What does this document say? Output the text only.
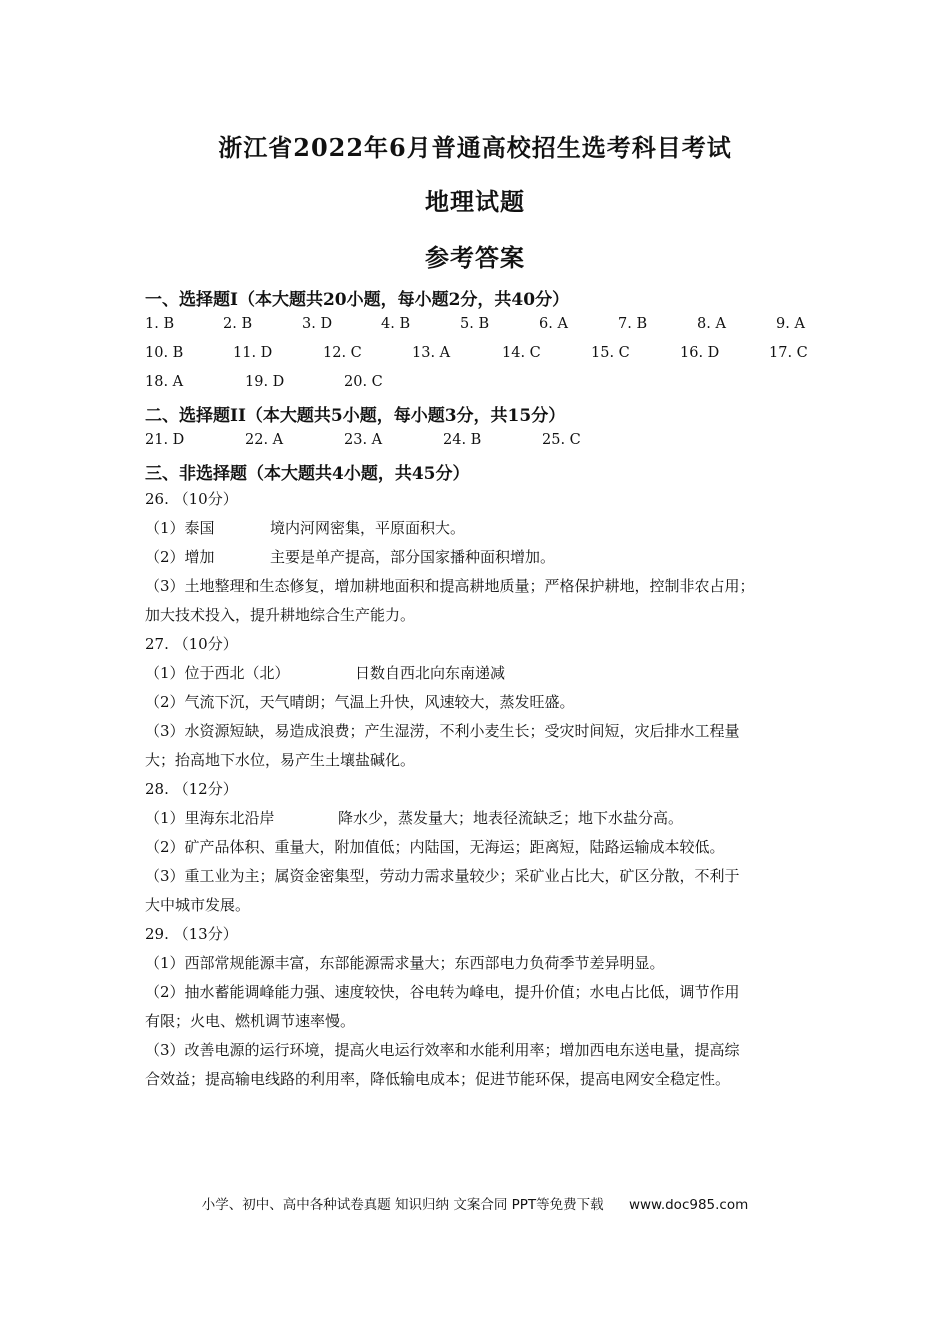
浙江省2022年6月普通高校招生选考科目考试
地理试题
参考答案
一、选择题Ⅰ（本大题共20小题，每小题2分，共40分）
1. B	2. B	3. D	4. B	5. B	6. A	7. B	8. A	9. A
10. B	11. D	12. C	13. A	14. C	15. C	16. D	17. C
18. A	19. D	20. C
二、选择题II（本大题共5小题，每小题3分，共15分）
21. D	22. A	23. A	24. B	25. C
三、非选择题（本大题共4小题，共45分）
26. （10分）
（1）泰国	境内河网密集，平原面积大。
（2）增加	主要是单产提高，部分国家播种面积增加。
（3）土地整理和生态修复，增加耕地面积和提高耕地质量；严格保护耕地，控制非农占用；
加大技术投入，提升耕地综合生产能力。
27. （10分）
（1）位于西北（北）	日数自西北向东南递减
（2）气流下沉，天气晴朗；气温上升快，风速较大，蒸发旺盛。
（3）水资源短缺，易造成浪费；产生湿涝，不利小麦生长；受灾时间短，灾后排水工程量
大；抬高地下水位，易产生土壤盐碱化。
28. （12分）
（1）里海东北沿岸	降水少，蒸发量大；地表径流缺乏；地下水盐分高。
（2）矿产品体积、重量大，附加值低；内陆国，无海运；距离短，陆路运输成本较低。
（3）重工业为主；属资金密集型，劳动力需求量较少；采矿业占比大，矿区分散，不利于
大中城市发展。
29. （13分）
（1）西部常规能源丰富，东部能源需求量大；东西部电力负荷季节差异明显。
（2）抽水蓄能调峰能力强、速度较快，谷电转为峰电，提升价值；水电占比低，调节作用
有限；火电、燃机调节速率慢。
（3）改善电源的运行环境，提高火电运行效率和水能利用率；增加西电东送电量，提高综
合效益；提高输电线路的利用率，降低输电成本；促进节能环保，提高电网安全稳定性。
小学、初中、高中各种试卷真题 知识归纳 文案合同 PPT等免费下载 www.doc985.com
